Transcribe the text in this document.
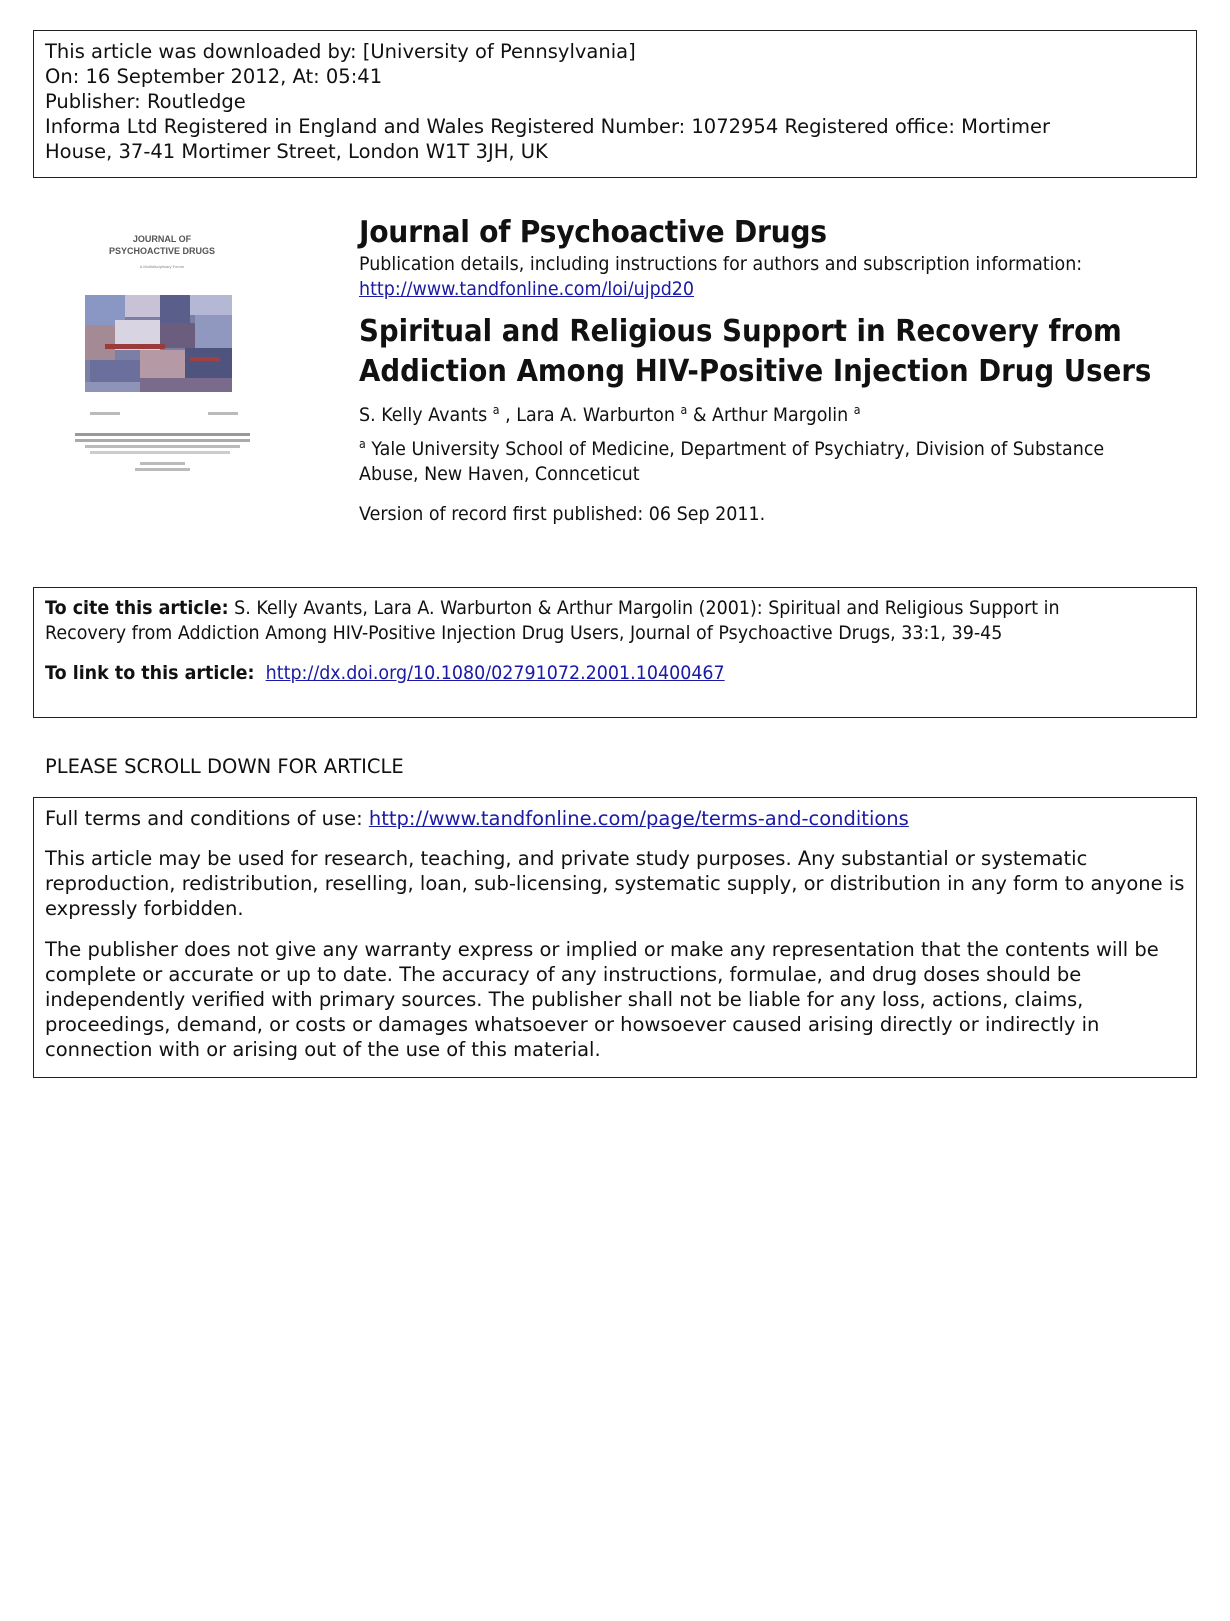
This article was downloaded by: [University of Pennsylvania]
On: 16 September 2012, At: 05:41
Publisher: Routledge
Informa Ltd Registered in England and Wales Registered Number: 1072954 Registered office: Mortimer
House, 37-41 Mortimer Street, London W1T 3JH, UK
JOURNAL OF
PSYCHOACTIVE DRUGS
A Multidisciplinary Forum
Journal of Psychoactive Drugs
Publication details, including instructions for authors and subscription information:
http://www.tandfonline.com/loi/ujpd20
Spiritual and Religious Support in Recovery from
Addiction Among HIV-Positive Injection Drug Users
S. Kelly Avants $^a$ , Lara A. Warburton $^a$ & Arthur Margolin $^a$
$^a$ Yale University School of Medicine, Department of Psychiatry, Division of Substance
Abuse, New Haven, Connceticut
Version of record first published: 06 Sep 2011.
To cite this article: S. Kelly Avants, Lara A. Warburton & Arthur Margolin (2001): Spiritual and Religious Support in
Recovery from Addiction Among HIV-Positive Injection Drug Users, Journal of Psychoactive Drugs, 33:1, 39-45
To link to this article: http://dx.doi.org/10.1080/02791072.2001.10400467
PLEASE SCROLL DOWN FOR ARTICLE

Full terms and conditions of use: http://www.tandfonline.com/page/terms-and-conditions

This article may be used for research, teaching, and private study purposes. Any substantial or systematic reproduction, redistribution, reselling, loan, sub-licensing, systematic supply, or distribution in any form to anyone is expressly forbidden.

The publisher does not give any warranty express or implied or make any representation that the contents will be complete or accurate or up to date. The accuracy of any instructions, formulae, and drug doses should be independently verified with primary sources. The publisher shall not be liable for any loss, actions, claims, proceedings, demand, or costs or damages whatsoever or howsoever caused arising directly or indirectly in connection with or arising out of the use of this material.
